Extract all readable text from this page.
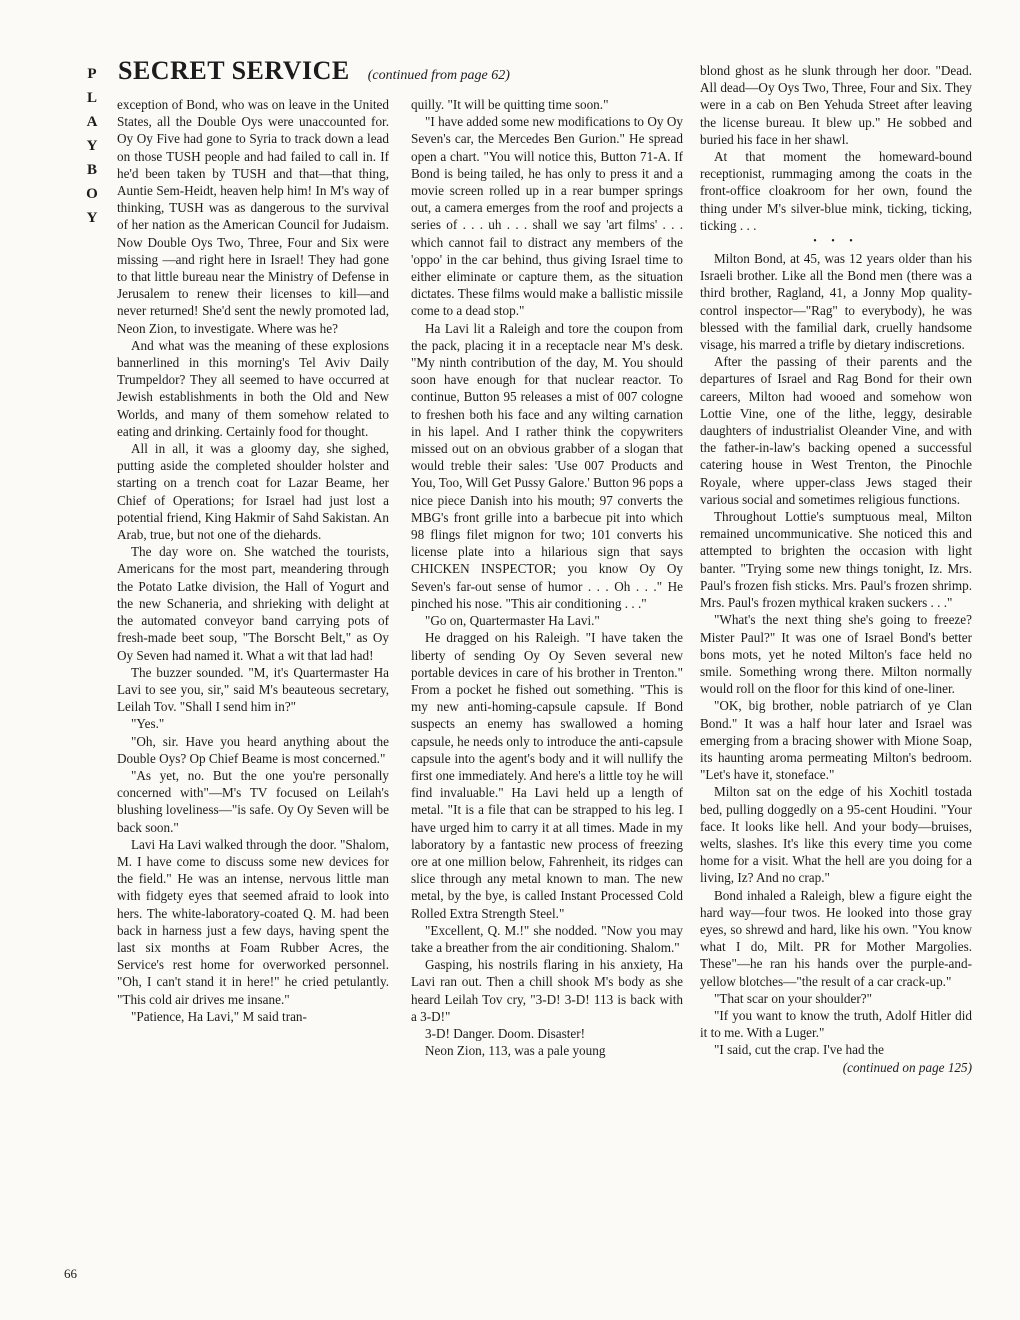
P
L
A
Y
B
O
Y
SECRET SERVICE (continued from page 62)

exception of Bond, who was on leave in the United States, all the Double Oys were unaccounted for. Oy Oy Five had gone to Syria to track down a lead on those TUSH people and had failed to call in. If he'd been taken by TUSH and that—that thing, Auntie Sem-Heidt, heaven help him! In M's way of thinking, TUSH was as dangerous to the survival of her nation as the American Council for Judaism. Now Double Oys Two, Three, Four and Six were missing —and right here in Israel! They had gone to that little bureau near the Ministry of Defense in Jerusalem to renew their licenses to kill—and never returned! She'd sent the newly promoted lad, Neon Zion, to investigate. Where was he?

And what was the meaning of these explosions bannerlined in this morning's Tel Aviv Daily Trumpeldor? They all seemed to have occurred at Jewish establishments in both the Old and New Worlds, and many of them somehow related to eating and drinking. Certainly food for thought.

All in all, it was a gloomy day, she sighed, putting aside the completed shoulder holster and starting on a trench coat for Lazar Beame, her Chief of Operations; for Israel had just lost a potential friend, King Hakmir of Sahd Sakistan. An Arab, true, but not one of the diehards.

The day wore on. She watched the tourists, Americans for the most part, meandering through the Potato Latke division, the Hall of Yogurt and the new Schaneria, and shrieking with delight at the automated conveyor band carrying pots of fresh-made beet soup, "The Borscht Belt," as Oy Oy Seven had named it. What a wit that lad had!

The buzzer sounded. "M, it's Quartermaster Ha Lavi to see you, sir," said M's beauteous secretary, Leilah Tov. "Shall I send him in?"

"Yes."

"Oh, sir. Have you heard anything about the Double Oys? Op Chief Beame is most concerned."

"As yet, no. But the one you're personally concerned with"—M's TV focused on Leilah's blushing loveliness—"is safe. Oy Oy Seven will be back soon."

Lavi Ha Lavi walked through the door. "Shalom, M. I have come to discuss some new devices for the field." He was an intense, nervous little man with fidgety eyes that seemed afraid to look into hers. The white-laboratory-coated Q. M. had been back in harness just a few days, having spent the last six months at Foam Rubber Acres, the Service's rest home for overworked personnel. "Oh, I can't stand it in here!" he cried petulantly. "This cold air drives me insane."

"Patience, Ha Lavi," M said tran-

quilly. "It will be quitting time soon."

"I have added some new modifications to Oy Oy Seven's car, the Mercedes Ben Gurion." He spread open a chart. "You will notice this, Button 71-A. If Bond is being tailed, he has only to press it and a movie screen rolled up in a rear bumper springs out, a camera emerges from the roof and projects a series of . . . uh . . . shall we say 'art films' . . . which cannot fail to distract any members of the 'oppo' in the car behind, thus giving Israel time to either eliminate or capture them, as the situation dictates. These films would make a ballistic missile come to a dead stop."

Ha Lavi lit a Raleigh and tore the coupon from the pack, placing it in a receptacle near M's desk. "My ninth contribution of the day, M. You should soon have enough for that nuclear reactor. To continue, Button 95 releases a mist of 007 cologne to freshen both his face and any wilting carnation in his lapel. And I rather think the copywriters missed out on an obvious grabber of a slogan that would treble their sales: 'Use 007 Products and You, Too, Will Get Pussy Galore.' Button 96 pops a nice piece Danish into his mouth; 97 converts the MBG's front grille into a barbecue pit into which 98 flings filet mignon for two; 101 converts his license plate into a hilarious sign that says CHICKEN INSPECTOR; you know Oy Oy Seven's far-out sense of humor . . . Oh . . ." He pinched his nose. "This air conditioning . . ."

"Go on, Quartermaster Ha Lavi."

He dragged on his Raleigh. "I have taken the liberty of sending Oy Oy Seven several new portable devices in care of his brother in Trenton." From a pocket he fished out something. "This is my new anti-homing-capsule capsule. If Bond suspects an enemy has swallowed a homing capsule, he needs only to introduce the anti-capsule capsule into the agent's body and it will nullify the first one immediately. And here's a little toy he will find invaluable." Ha Lavi held up a length of metal. "It is a file that can be strapped to his leg. I have urged him to carry it at all times. Made in my laboratory by a fantastic new process of freezing ore at one million below, Fahrenheit, its ridges can slice through any metal known to man. The new metal, by the bye, is called Instant Processed Cold Rolled Extra Strength Steel."

"Excellent, Q. M.!" she nodded. "Now you may take a breather from the air conditioning. Shalom."

Gasping, his nostrils flaring in his anxiety, Ha Lavi ran out. Then a chill shook M's body as she heard Leilah Tov cry, "3-D! 3-D! 113 is back with a 3-D!"

3-D! Danger. Doom. Disaster!

Neon Zion, 113, was a pale young

blond ghost as he slunk through her door. "Dead. All dead—Oy Oys Two, Three, Four and Six. They were in a cab on Ben Yehuda Street after leaving the license bureau. It blew up." He sobbed and buried his face in her shawl.

At that moment the homeward-bound receptionist, rummaging among the coats in the front-office cloakroom for her own, found the thing under M's silver-blue mink, ticking, ticking, ticking . . .

• • •

Milton Bond, at 45, was 12 years older than his Israeli brother. Like all the Bond men (there was a third brother, Ragland, 41, a Jonny Mop quality-control inspector—"Rag" to everybody), he was blessed with the familial dark, cruelly handsome visage, his marred a trifle by dietary indiscretions.

After the passing of their parents and the departures of Israel and Rag Bond for their own careers, Milton had wooed and somehow won Lottie Vine, one of the lithe, leggy, desirable daughters of industrialist Oleander Vine, and with the father-in-law's backing opened a successful catering house in West Trenton, the Pinochle Royale, where upper-class Jews staged their various social and sometimes religious functions.

Throughout Lottie's sumptuous meal, Milton remained uncommunicative. She noticed this and attempted to brighten the occasion with light banter. "Trying some new things tonight, Iz. Mrs. Paul's frozen fish sticks. Mrs. Paul's frozen shrimp. Mrs. Paul's frozen mythical kraken suckers . . ."

"What's the next thing she's going to freeze? Mister Paul?" It was one of Israel Bond's better bons mots, yet he noted Milton's face held no smile. Something wrong there. Milton normally would roll on the floor for this kind of one-liner.

"OK, big brother, noble patriarch of ye Clan Bond." It was a half hour later and Israel was emerging from a bracing shower with Mione Soap, its haunting aroma permeating Milton's bedroom. "Let's have it, stoneface."

Milton sat on the edge of his Xochitl tostada bed, pulling doggedly on a 95-cent Houdini. "Your face. It looks like hell. And your body—bruises, welts, slashes. It's like this every time you come home for a visit. What the hell are you doing for a living, Iz? And no crap."

Bond inhaled a Raleigh, blew a figure eight the hard way—four twos. He looked into those gray eyes, so shrewd and hard, like his own. "You know what I do, Milt. PR for Mother Margolies. These"—he ran his hands over the purple-and-yellow blotches—"the result of a car crack-up."

"That scar on your shoulder?"

"If you want to know the truth, Adolf Hitler did it to me. With a Luger."

"I said, cut the crap. I've had the

(continued on page 125)

66
